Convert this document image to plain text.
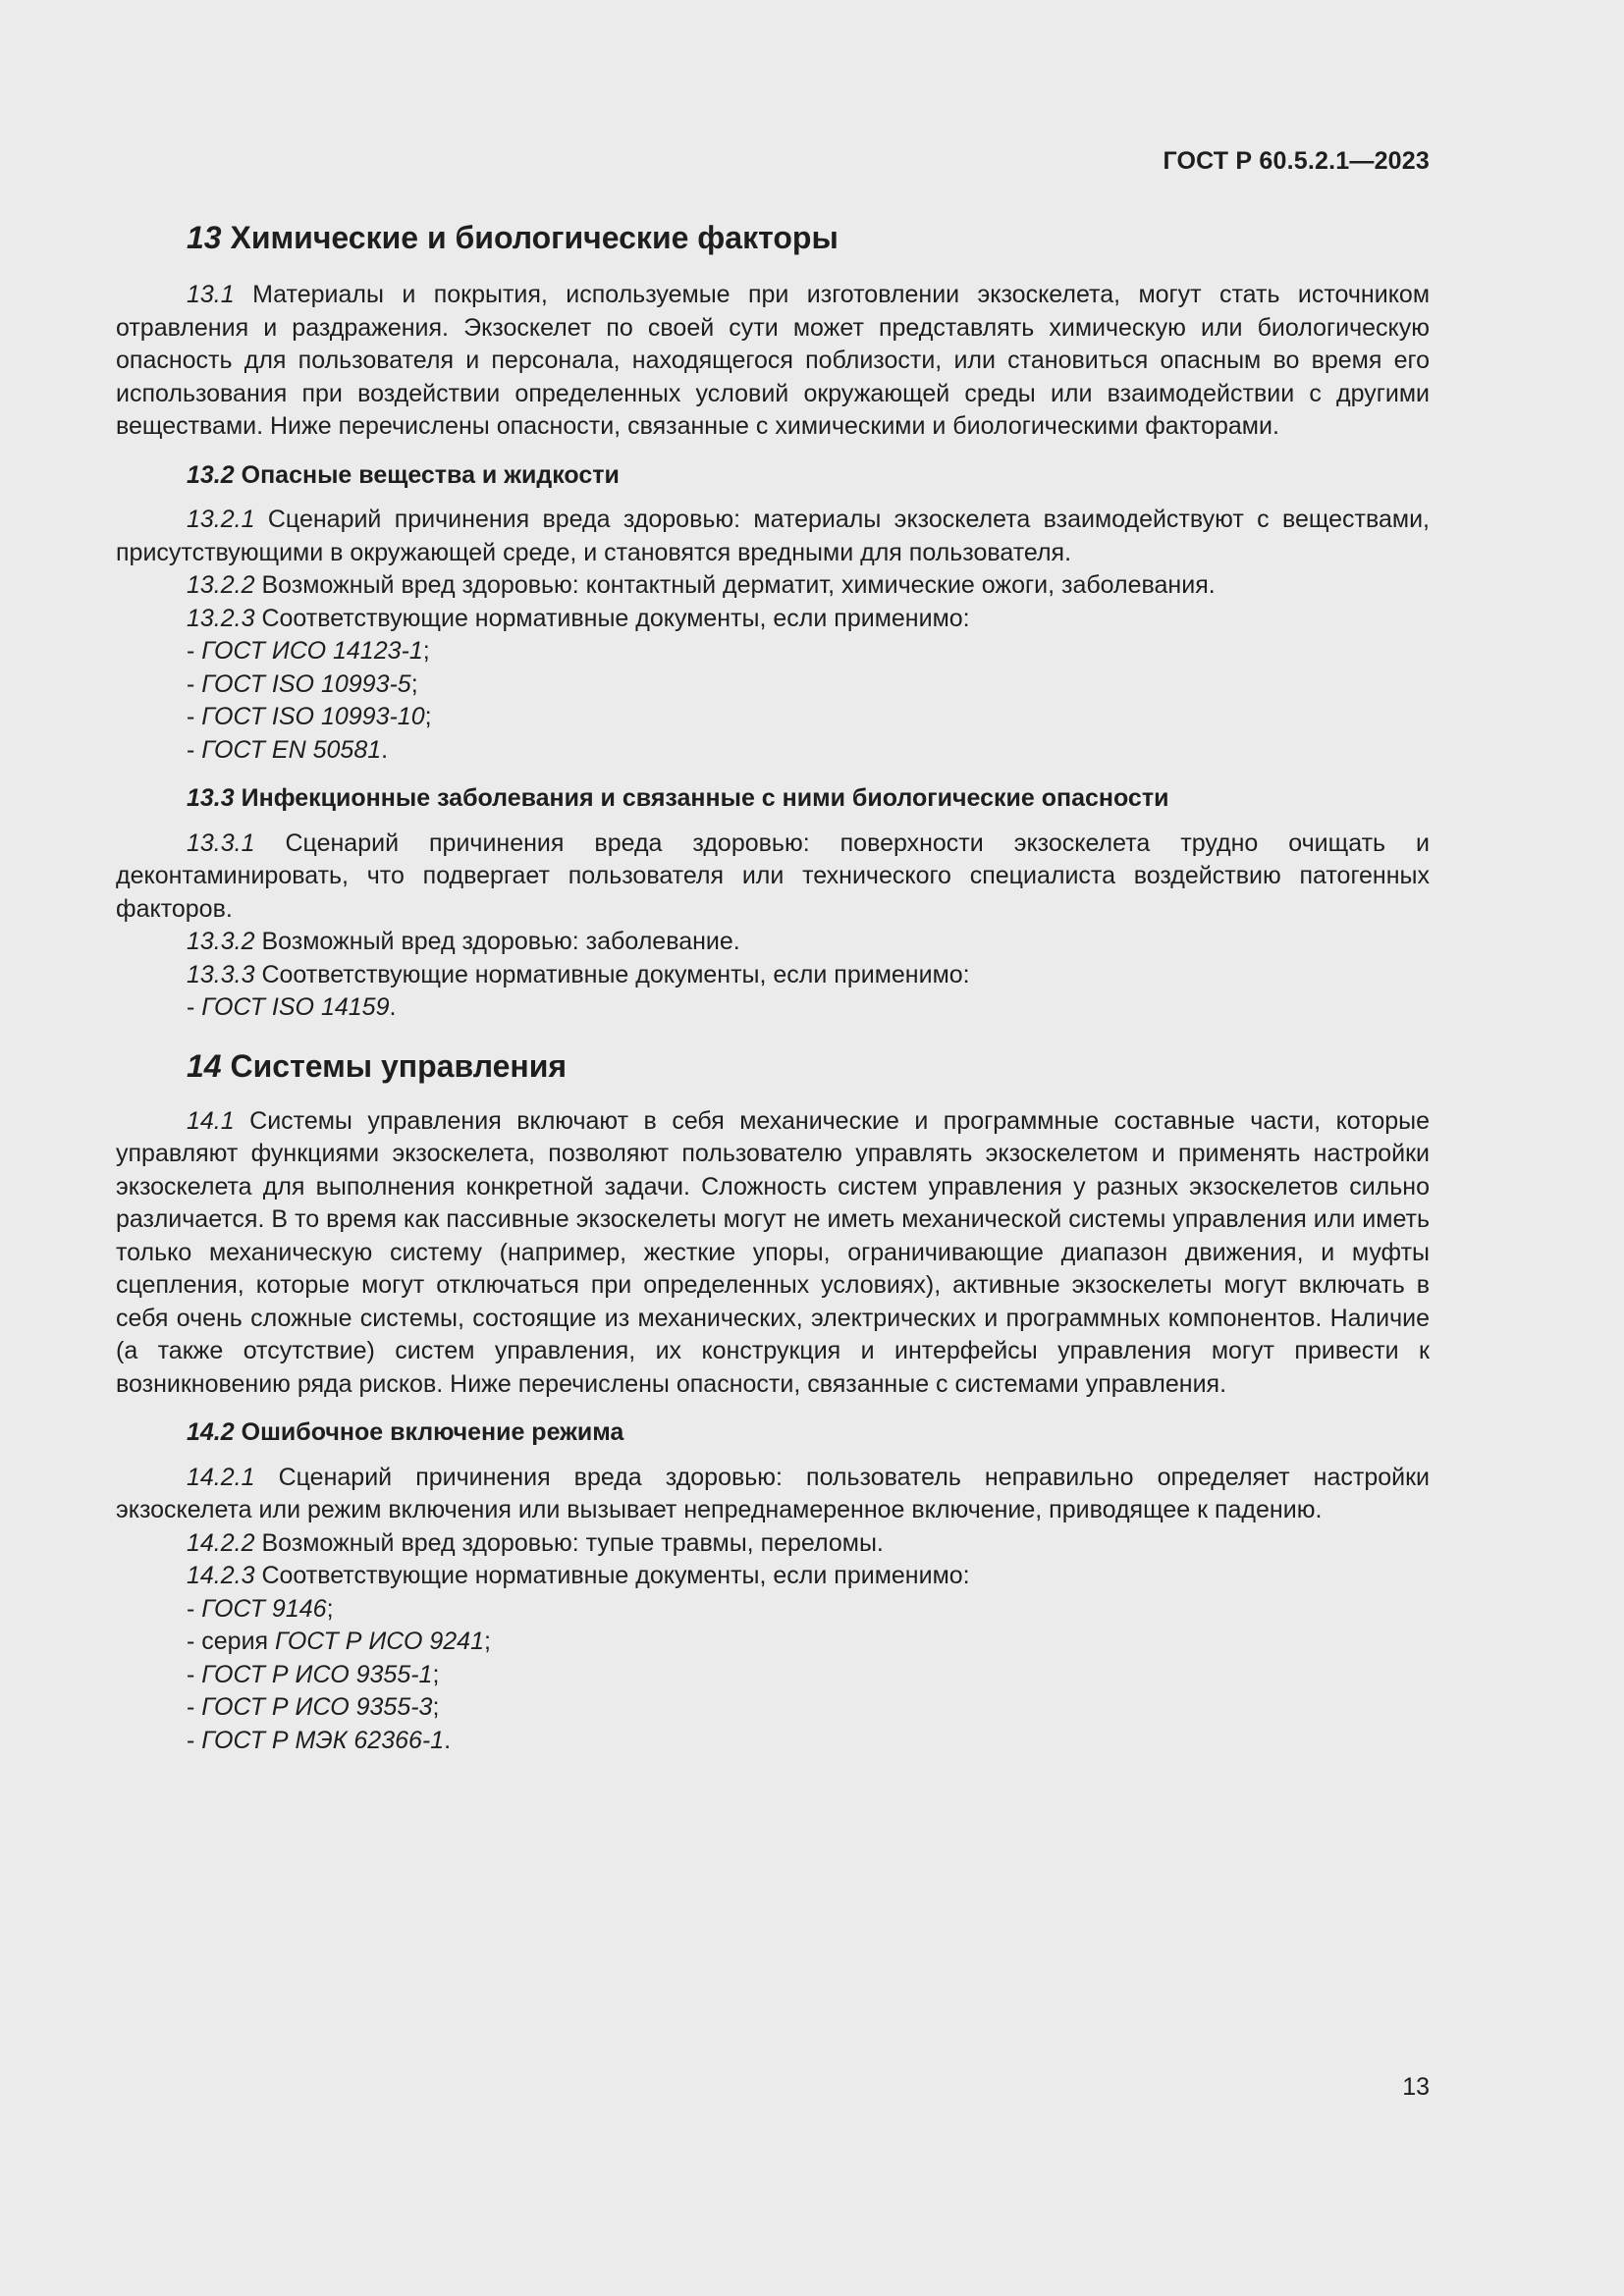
ГОСТ Р 60.5.2.1—2023

13 Химические и биологические факторы

13.1 Материалы и покрытия, используемые при изготовлении экзоскелета, могут стать источником отравления и раздражения. Экзоскелет по своей сути может представлять химическую или биологическую опасность для пользователя и персонала, находящегося поблизости, или становиться опасным во время его использования при воздействии определенных условий окружающей среды или взаимодействии с другими веществами. Ниже перечислены опасности, связанные с химическими и биологическими факторами.

13.2 Опасные вещества и жидкости

13.2.1 Сценарий причинения вреда здоровью: материалы экзоскелета взаимодействуют с веществами, присутствующими в окружающей среде, и становятся вредными для пользователя.

13.2.2 Возможный вред здоровью: контактный дерматит, химические ожоги, заболевания.

13.2.3 Соответствующие нормативные документы, если применимо:

- ГОСТ ИСО 14123-1;

- ГОСТ ISO 10993-5;

- ГОСТ ISO 10993-10;

- ГОСТ EN 50581.

13.3 Инфекционные заболевания и связанные с ними биологические опасности

13.3.1 Сценарий причинения вреда здоровью: поверхности экзоскелета трудно очищать и деконтаминировать, что подвергает пользователя или технического специалиста воздействию патогенных факторов.

13.3.2 Возможный вред здоровью: заболевание.

13.3.3 Соответствующие нормативные документы, если применимо:

- ГОСТ ISO 14159.

14 Системы управления

14.1 Системы управления включают в себя механические и программные составные части, которые управляют функциями экзоскелета, позволяют пользователю управлять экзоскелетом и применять настройки экзоскелета для выполнения конкретной задачи. Сложность систем управления у разных экзоскелетов сильно различается. В то время как пассивные экзоскелеты могут не иметь механической системы управления или иметь только механическую систему (например, жесткие упоры, ограничивающие диапазон движения, и муфты сцепления, которые могут отключаться при определенных условиях), активные экзоскелеты могут включать в себя очень сложные системы, состоящие из механических, электрических и программных компонентов. Наличие (а также отсутствие) систем управления, их конструкция и интерфейсы управления могут привести к возникновению ряда рисков. Ниже перечислены опасности, связанные с системами управления.

14.2 Ошибочное включение режима

14.2.1 Сценарий причинения вреда здоровью: пользователь неправильно определяет настройки экзоскелета или режим включения или вызывает непреднамеренное включение, приводящее к падению.

14.2.2 Возможный вред здоровью: тупые травмы, переломы.

14.2.3 Соответствующие нормативные документы, если применимо:

- ГОСТ 9146;

- серия ГОСТ Р ИСО 9241;

- ГОСТ Р ИСО 9355-1;

- ГОСТ Р ИСО 9355-3;

- ГОСТ Р МЭК 62366-1.

13
